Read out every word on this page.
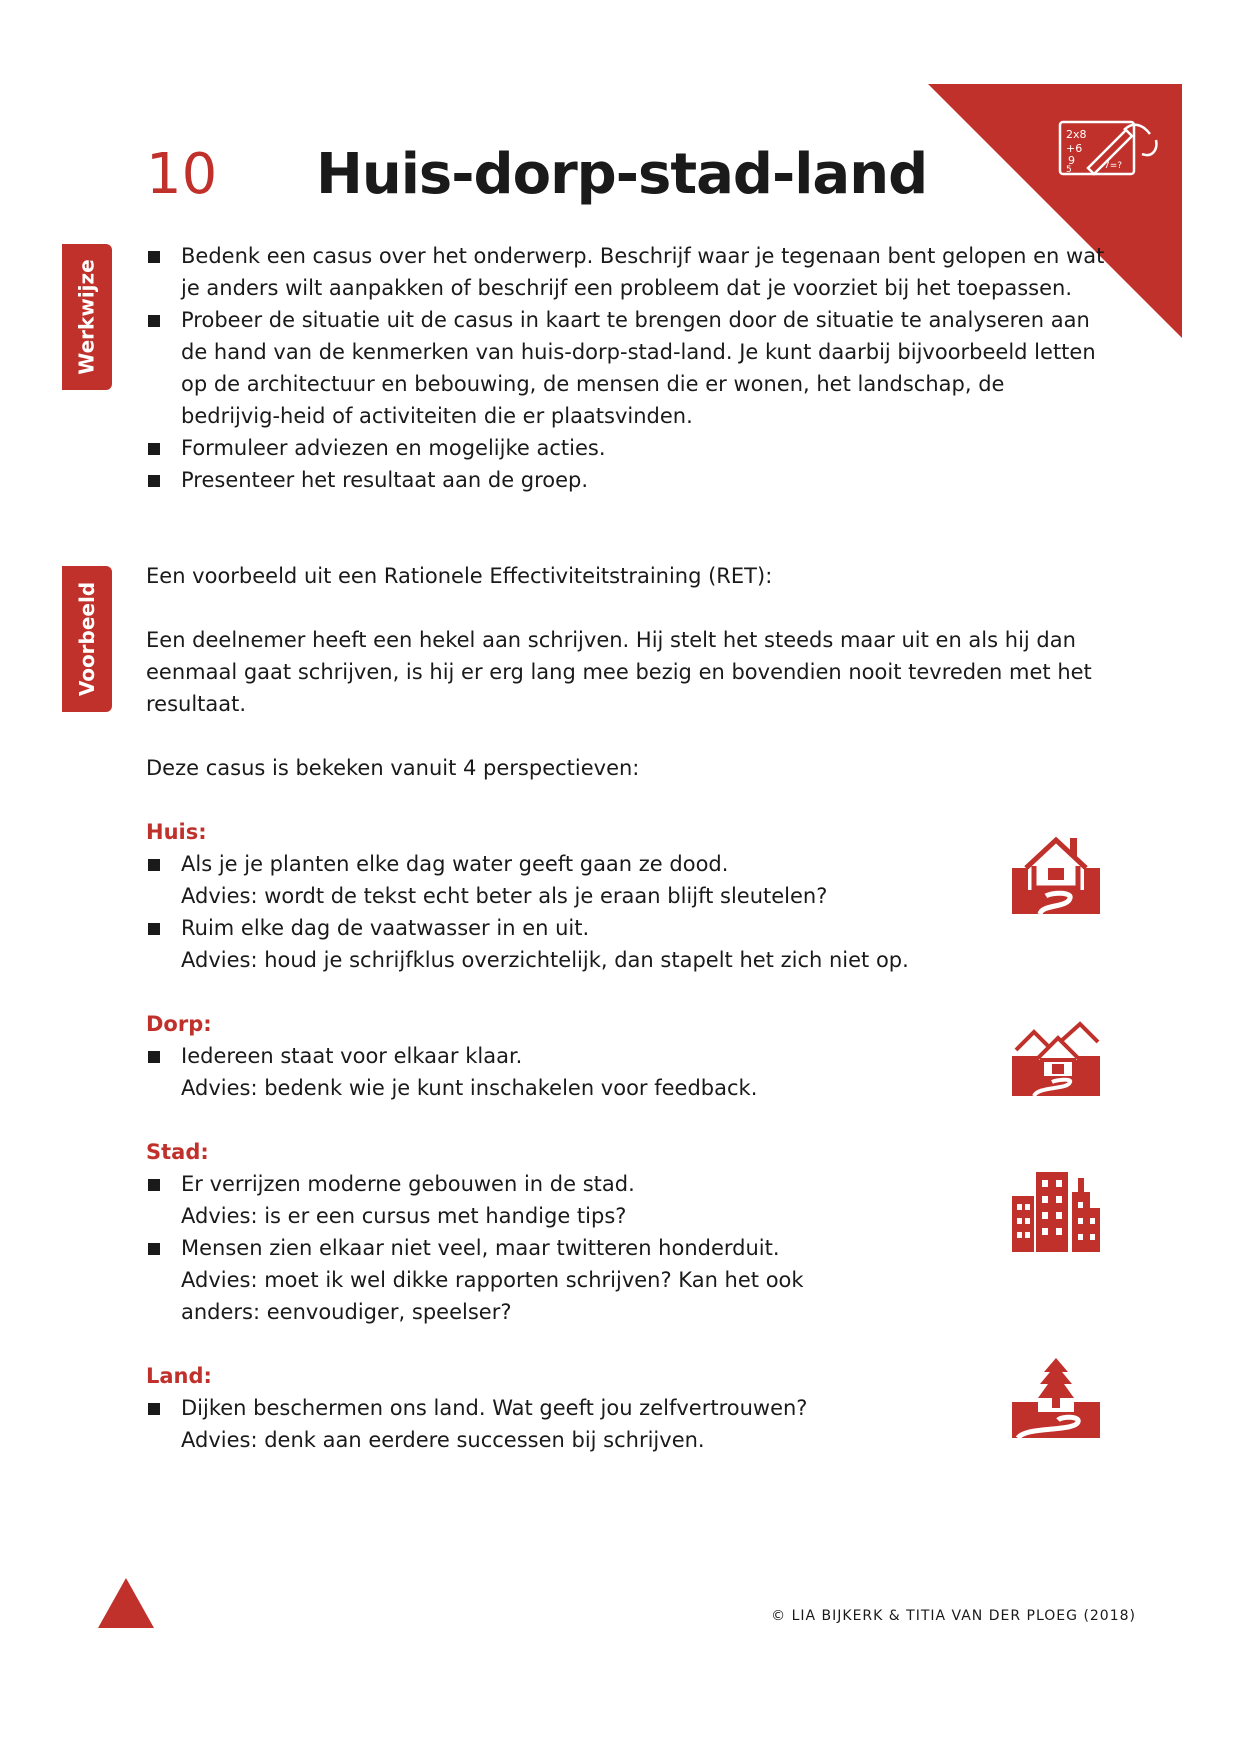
2x8
+6
9
5	7=?
10 Huis-dorp-stad-land
Werkwijze
Voorbeeld
Bedenk een casus over het onderwerp. Beschrijf waar je tegenaan bent gelopen en wat je anders wilt aanpakken of beschrijf een probleem dat je voorziet bij het toepassen.
Probeer de situatie uit de casus in kaart te brengen door de situatie te analyseren aan de hand van de kenmerken van huis-dorp-stad-land. Je kunt daarbij bijvoorbeeld letten op de architectuur en bebouwing, de mensen die er wonen, het landschap, de bedrijvig-heid of activiteiten die er plaatsvinden.
Formuleer adviezen en mogelijke acties.
Presenteer het resultaat aan de groep.
Een voorbeeld uit een Rationele Effectiviteitstraining (RET):
Een deelnemer heeft een hekel aan schrijven. Hij stelt het steeds maar uit en als hij dan eenmaal gaat schrijven, is hij er erg lang mee bezig en bovendien nooit tevreden met het resultaat.
Deze casus is bekeken vanuit 4 perspectieven:

Huis:

Als je je planten elke dag water geeft gaan ze dood.
Advies: wordt de tekst echt beter als je eraan blijft sleutelen?
Ruim elke dag de vaatwasser in en uit.
Advies: houd je schrijfklus overzichtelijk, dan stapelt het zich niet op.

Dorp:

Iedereen staat voor elkaar klaar.
Advies: bedenk wie je kunt inschakelen voor feedback.

Stad:

Er verrijzen moderne gebouwen in de stad.
Advies: is er een cursus met handige tips?
Mensen zien elkaar niet veel, maar twitteren honderduit.
Advies: moet ik wel dikke rapporten schrijven? Kan het ook anders: eenvoudiger, speelser?

Land:

Dijken beschermen ons land. Wat geeft jou zelfvertrouwen?
Advies: denk aan eerdere successen bij schrijven.
© LIA BIJKERK & TITIA VAN DER PLOEG (2018)
